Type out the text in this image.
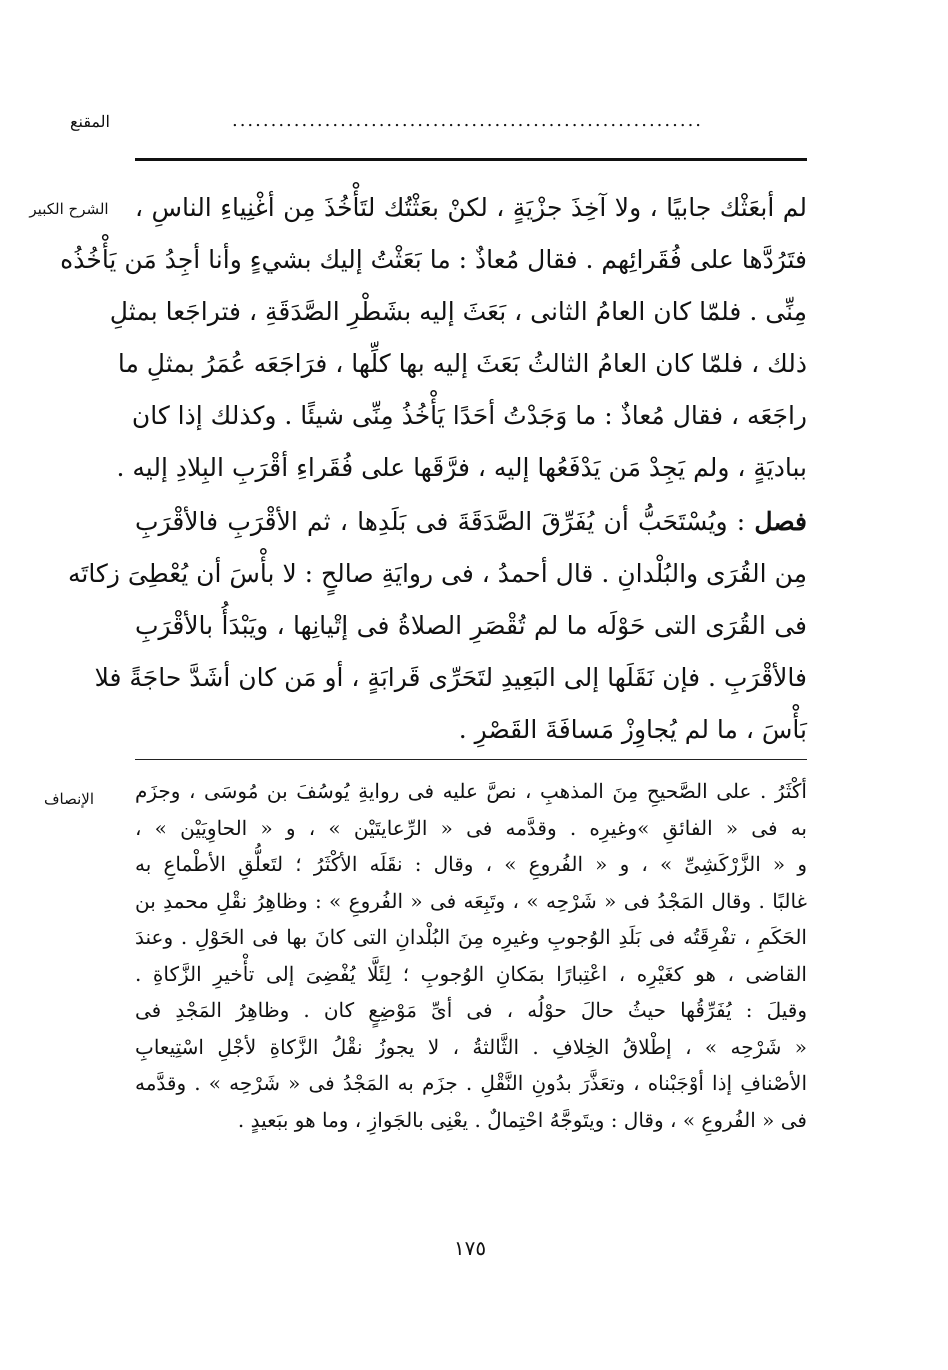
المقنع	.............................................................
الشرح الكبير
الإنصاف
لم أبعَثْك جابيًا ، ولا آخِذَ جزْيَةٍ ، لكنْ بعَثْتُك لتَأْخُذَ مِن أغْنِياءِ الناسِ ،
فتَرُدَّها على فُقَرائِهم . فقال مُعاذٌ : ما بَعَثْتُ إليك بشيءٍ وأنا أجِدُ مَن يَأْخُذُه
مِنِّى . فلمّا كان العامُ الثانى ، بَعَثَ إليه بشَطْرِ الصَّدَقَةِ ، فتراجَعا بمثلِ
ذلك ، فلمّا كان العامُ الثالثُ بَعَثَ إليه بها كلِّها ، فرَاجَعَه عُمَرُ بمثلِ ما
راجَعَه ، فقال مُعاذٌ : ما وَجَدْتُ أحَدًا يَأْخُذُ مِنِّى شيئًا . وكذلك إذا كان
بباديَةٍ ، ولم يَجِدْ مَن يَدْفَعُها إليه ، فرَّقَها على فُقَراءِ أقْرَبِ البِلادِ إليه .
فصل : ويُسْتَحَبُّ أن يُفَرِّقَ الصَّدَقَةَ فى بَلَدِها ، ثم الأقْرَبِ فالأقْرَبِ
مِن القُرَى والبُلْدانِ . قال أحمدُ ، فى روايَةِ صالحٍ : لا بأْسَ أن يُعْطِىَ زكاتَه
فى القُرَى التى حَوْلَه ما لم تُقْصَرِ الصلاةُ فى إتْيانِها ، ويَبْدَأُ بالأقْرَبِ
فالأقْرَبِ . فإن نَقَلَها إلى البَعِيدِ لتَحَرِّى قَرابَةٍ ، أو مَن كان أشَدَّ حاجَةً فلا
بَأْسَ ، ما لم يُجاوِزْ مَسافَةَ القَصْرِ .
أكْثَرُ . على الصَّحيحِ مِنَ المذهبِ ، نصَّ عليه فى روايةِ يُوسُفَ بن مُوسَى ، وجزَم
به فى « الفائقِ »وغيرِه . وقدَّمه فى « الرِّعايتَيْن » ، و « الحاوِيَيْن » ،
و « الزَّرْكَشِىِّ » ، و « الفُروعِ » ، وقال : نقَلَه الأكْثَرُ ؛ لتَعلُّقِ الأطْماعِ به
غالبًا . وقال المَجْدُ فى « شَرْحِه » ، وتَبِعَه فى « الفُروعِ » : وظاهِرُ نقْلِ محمدِ بن
الحَكَمِ ، تفْرِقَتُه فى بَلَدِ الوُجوبِ وغيرِه مِنَ البُلْدانِ التى كانَ بها فى الحَوْلِ . وعندَ
القاضى ، هو كغَيْرِه ، اعْتِبارًا بمَكانِ الوُجوبِ ؛ لِئَلَّا يُفْضِىَ إلى تأْخيرِ الزَّكاةِ .
وقيلَ : يُفَرِّقُها حيثُ حالَ حوْلُه ، فى أىِّ مَوْضِعٍ كان . وظاهِرُ المَجْدِ فى
« شَرْحِه » ، إطْلاقُ الخِلافِ . الثَّالثةُ ، لا يجوزُ نقْلُ الزَّكاةِ لأجْلِ اسْتِيعابِ
الأصْنافِ إذا أوْجَبْناه ، وتعَذَّرَ بدُونِ النَّقْلِ . جزَم به المَجْدُ فى « شَرْحِه » . وقدَّمه
فى « الفُروعِ » ، وقال : ويتَوجَّهُ احْتِمالٌ . يعْنِى بالجَوازِ ، وما هو ببَعيدٍ .
١٧٥
